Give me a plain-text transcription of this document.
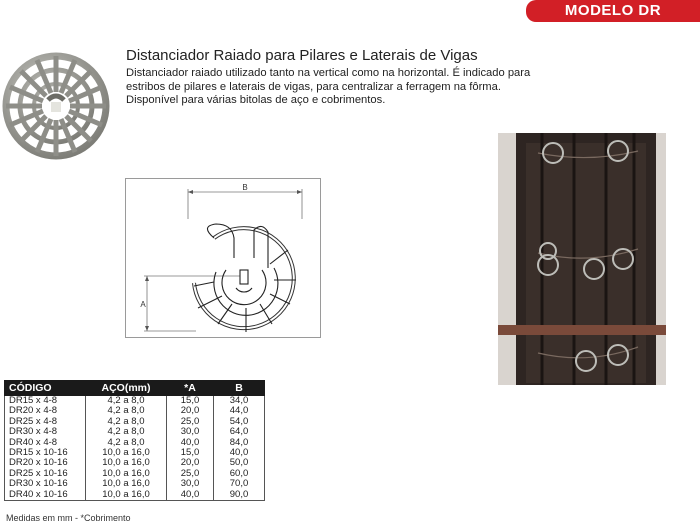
MODELO DR
Distanciador Raiado para Pilares e Laterais de Vigas
Distanciador raiado utilizado tanto na vertical como na horizontal. É indicado para estribos de pilares e laterais de vigas, para centralizar a ferragem na fôrma. Disponível para várias bitolas de aço e cobrimentos.
B
A
CÓDIGO	AÇO(mm)	*A	B
DR15 x 4-8	4,2 a 8,0	15,0	34,0
DR20 x 4-8	4,2 a 8,0	20,0	44,0
DR25 x 4-8	4,2 a 8,0	25,0	54,0
DR30 x 4-8	4,2 a 8,0	30,0	64,0
DR40 x 4-8	4,2 a 8,0	40,0	84,0
DR15 x 10-16	10,0 a 16,0	15,0	40,0
DR20 x 10-16	10,0 a 16,0	20,0	50,0
DR25 x 10-16	10,0 a 16,0	25,0	60,0
DR30 x 10-16	10,0 a 16,0	30,0	70,0
DR40 x 10-16	10,0 a 16,0	40,0	90,0
Medidas em mm - *Cobrimento
